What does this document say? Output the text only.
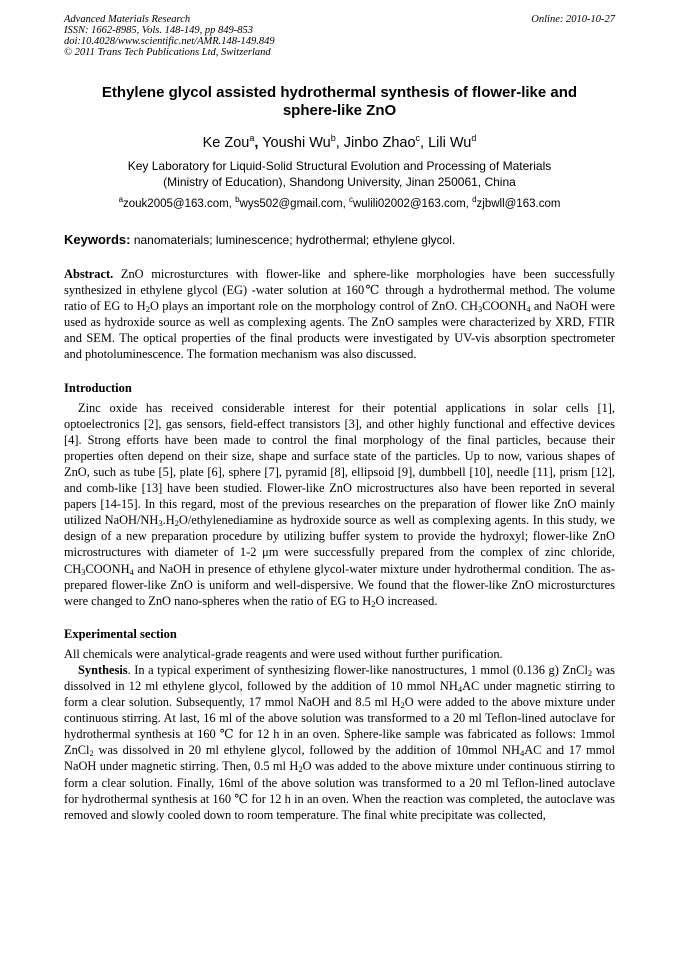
Advanced Materials Research
ISSN: 1662-8985, Vols. 148-149, pp 849-853
doi:10.4028/www.scientific.net/AMR.148-149.849
© 2011 Trans Tech Publications Ltd, Switzerland
Online: 2010-10-27
Ethylene glycol assisted hydrothermal synthesis of flower-like and sphere-like ZnO
Ke Zou$^a$, Youshi Wu$^b$, Jinbo Zhao$^c$, Lili Wu$^d$
Key Laboratory for Liquid-Solid Structural Evolution and Processing of Materials
(Ministry of Education), Shandong University, Jinan 250061, China
$^a$zouk2005@163.com, $^b$wys502@gmail.com, $^c$wulili02002@163.com, $^d$zjbwll@163.com
Keywords: nanomaterials; luminescence; hydrothermal; ethylene glycol.
Abstract. ZnO microsturctures with flower-like and sphere-like morphologies have been successfully synthesized in ethylene glycol (EG) -water solution at 160℃ through a hydrothermal method. The volume ratio of EG to $H_2O$ plays an important role on the morphology control of ZnO. $CH_3COONH_4$ and NaOH were used as hydroxide source as well as complexing agents. The ZnO samples were characterized by XRD, FTIR and SEM. The optical properties of the final products were investigated by UV-vis absorption spectrometer and photoluminescence. The formation mechanism was also discussed.
Introduction

Zinc oxide has received considerable interest for their potential applications in solar cells [1], optoelectronics [2], gas sensors, field-effect transistors [3], and other highly functional and effective devices [4]. Strong efforts have been made to control the final morphology of the final particles, because their properties often depend on their size, shape and surface state of the particles. Up to now, various shapes of ZnO, such as tube [5], plate [6], sphere [7], pyramid [8], ellipsoid [9], dumbbell [10], needle [11], prism [12], and comb-like [13] have been studied. Flower-like ZnO microstructures also have been reported in several papers [14-15]. In this regard, most of the previous researches on the preparation of flower like ZnO mainly utilized NaOH/$NH_3.H_2O$/ethylenediamine as hydroxide source as well as complexing agents. In this study, we design of a new preparation procedure by utilizing buffer system to provide the hydroxyl; flower-like ZnO microstructures with diameter of 1-2 μm were successfully prepared from the complex of zinc chloride, $CH_3COONH_4$ and NaOH in presence of ethylene glycol-water mixture under hydrothermal condition. The as-prepared flower-like ZnO is uniform and well-dispersive. We found that the flower-like ZnO microsturctures were changed to ZnO nano-spheres when the ratio of EG to $H_2O$ increased.

Experimental section

All chemicals were analytical-grade reagents and were used without further purification.

Synthesis. In a typical experiment of synthesizing flower-like nanostructures, 1 mmol (0.136 g) ZnCl$_2$ was dissolved in 12 ml ethylene glycol, followed by the addition of 10 mmol $NH_4AC$ under magnetic stirring to form a clear solution. Subsequently, 17 mmol NaOH and 8.5 ml $H_2O$ were added to the above mixture under continuous stirring. At last, 16 ml of the above solution was transformed to a 20 ml Teflon-lined autoclave for hydrothermal synthesis at 160 ℃ for 12 h in an oven. Sphere-like sample was fabricated as follows: 1mmol ZnCl$_2$ was dissolved in 20 ml ethylene glycol, followed by the addition of 10mmol $NH_4AC$ and 17 mmol NaOH under magnetic stirring. Then, 0.5 ml $H_2O$ was added to the above mixture under continuous stirring to form a clear solution. Finally, 16ml of the above solution was transformed to a 20 ml Teflon-lined autoclave for hydrothermal synthesis at 160 ℃ for 12 h in an oven. When the reaction was completed, the autoclave was removed and slowly cooled down to room temperature. The final white precipitate was collected,
